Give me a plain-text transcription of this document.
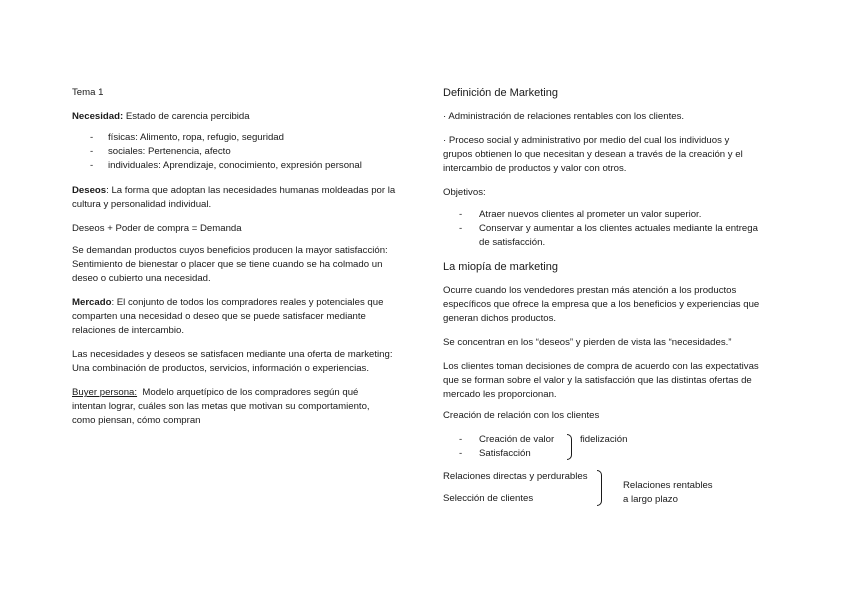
Tema 1
Necesidad: Estado de carencia percibida
- físicas: Alimento, ropa, refugio, seguridad
- sociales: Pertenencia, afecto
- individuales: Aprendizaje, conocimiento, expresión personal
Deseos: La forma que adoptan las necesidades humanas moldeadas por la
cultura y personalidad individual.
Deseos + Poder de compra = Demanda
Se demandan productos cuyos beneficios producen la mayor satisfacción:
Sentimiento de bienestar o placer que se tiene cuando se ha colmado un
deseo o cubierto una necesidad.
Mercado: El conjunto de todos los compradores reales y potenciales que
comparten una necesidad o deseo que se puede satisfacer mediante
relaciones de intercambio.
Las necesidades y deseos se satisfacen mediante una oferta de marketing:
Una combinación de productos, servicios, información o experiencias.
Buyer persona:  Modelo arquetípico de los compradores según qué
intentan lograr, cuáles son las metas que motivan su comportamiento,
como piensan, cómo compran
Definición de Marketing
· Administración de relaciones rentables con los clientes.
· Proceso social y administrativo por medio del cual los individuos y
grupos obtienen lo que necesitan y desean a través de la creación y el
intercambio de productos y valor con otros.
Objetivos:
- Atraer nuevos clientes al prometer un valor superior.
- Conservar y aumentar a los clientes actuales mediante la entrega
de satisfacción.
La miopía de marketing
Ocurre cuando los vendedores prestan más atención a los productos
específicos que ofrece la empresa que a los beneficios y experiencias que
generan dichos productos.
Se concentran en los “deseos” y pierden de vista las “necesidades.”
Los clientes toman decisiones de compra de acuerdo con las expectativas
que se forman sobre el valor y la satisfacción que las distintas ofertas de
mercado les proporcionan.
Creación de relación con los clientes
- Creación de valor
- Satisfacción
fidelización
Relaciones directas y perdurables
Selección de clientes
Relaciones rentables
a largo plazo
